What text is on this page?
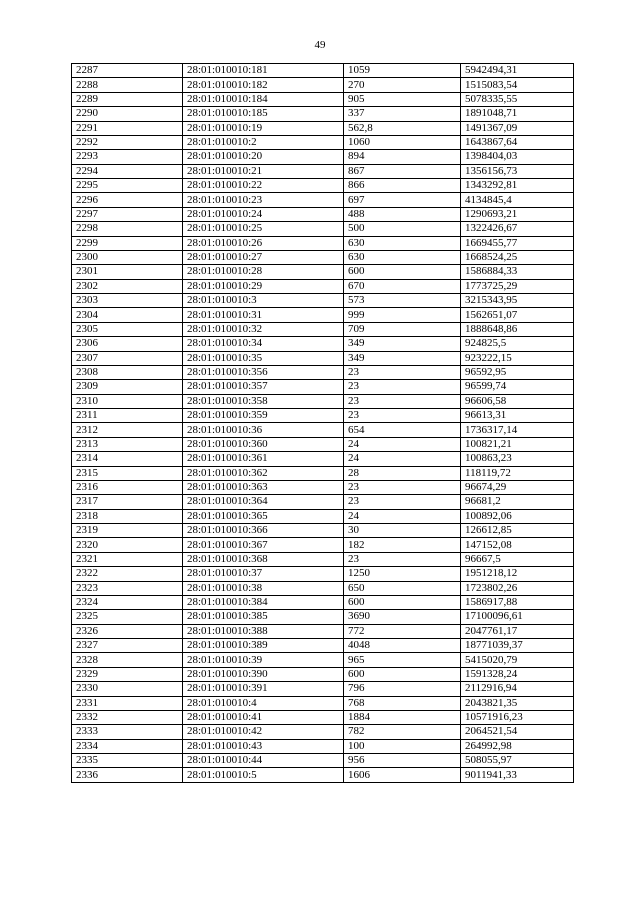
49
2287	28:01:010010:181	1059	5942494,31
2288	28:01:010010:182	270	1515083,54
2289	28:01:010010:184	905	5078335,55
2290	28:01:010010:185	337	1891048,71
2291	28:01:010010:19	562,8	1491367,09
2292	28:01:010010:2	1060	1643867,64
2293	28:01:010010:20	894	1398404,03
2294	28:01:010010:21	867	1356156,73
2295	28:01:010010:22	866	1343292,81
2296	28:01:010010:23	697	4134845,4
2297	28:01:010010:24	488	1290693,21
2298	28:01:010010:25	500	1322426,67
2299	28:01:010010:26	630	1669455,77
2300	28:01:010010:27	630	1668524,25
2301	28:01:010010:28	600	1586884,33
2302	28:01:010010:29	670	1773725,29
2303	28:01:010010:3	573	3215343,95
2304	28:01:010010:31	999	1562651,07
2305	28:01:010010:32	709	1888648,86
2306	28:01:010010:34	349	924825,5
2307	28:01:010010:35	349	923222,15
2308	28:01:010010:356	23	96592,95
2309	28:01:010010:357	23	96599,74
2310	28:01:010010:358	23	96606,58
2311	28:01:010010:359	23	96613,31
2312	28:01:010010:36	654	1736317,14
2313	28:01:010010:360	24	100821,21
2314	28:01:010010:361	24	100863,23
2315	28:01:010010:362	28	118119,72
2316	28:01:010010:363	23	96674,29
2317	28:01:010010:364	23	96681,2
2318	28:01:010010:365	24	100892,06
2319	28:01:010010:366	30	126612,85
2320	28:01:010010:367	182	147152,08
2321	28:01:010010:368	23	96667,5
2322	28:01:010010:37	1250	1951218,12
2323	28:01:010010:38	650	1723802,26
2324	28:01:010010:384	600	1586917,88
2325	28:01:010010:385	3690	17100096,61
2326	28:01:010010:388	772	2047761,17
2327	28:01:010010:389	4048	18771039,37
2328	28:01:010010:39	965	5415020,79
2329	28:01:010010:390	600	1591328,24
2330	28:01:010010:391	796	2112916,94
2331	28:01:010010:4	768	2043821,35
2332	28:01:010010:41	1884	10571916,23
2333	28:01:010010:42	782	2064521,54
2334	28:01:010010:43	100	264992,98
2335	28:01:010010:44	956	508055,97
2336	28:01:010010:5	1606	9011941,33
